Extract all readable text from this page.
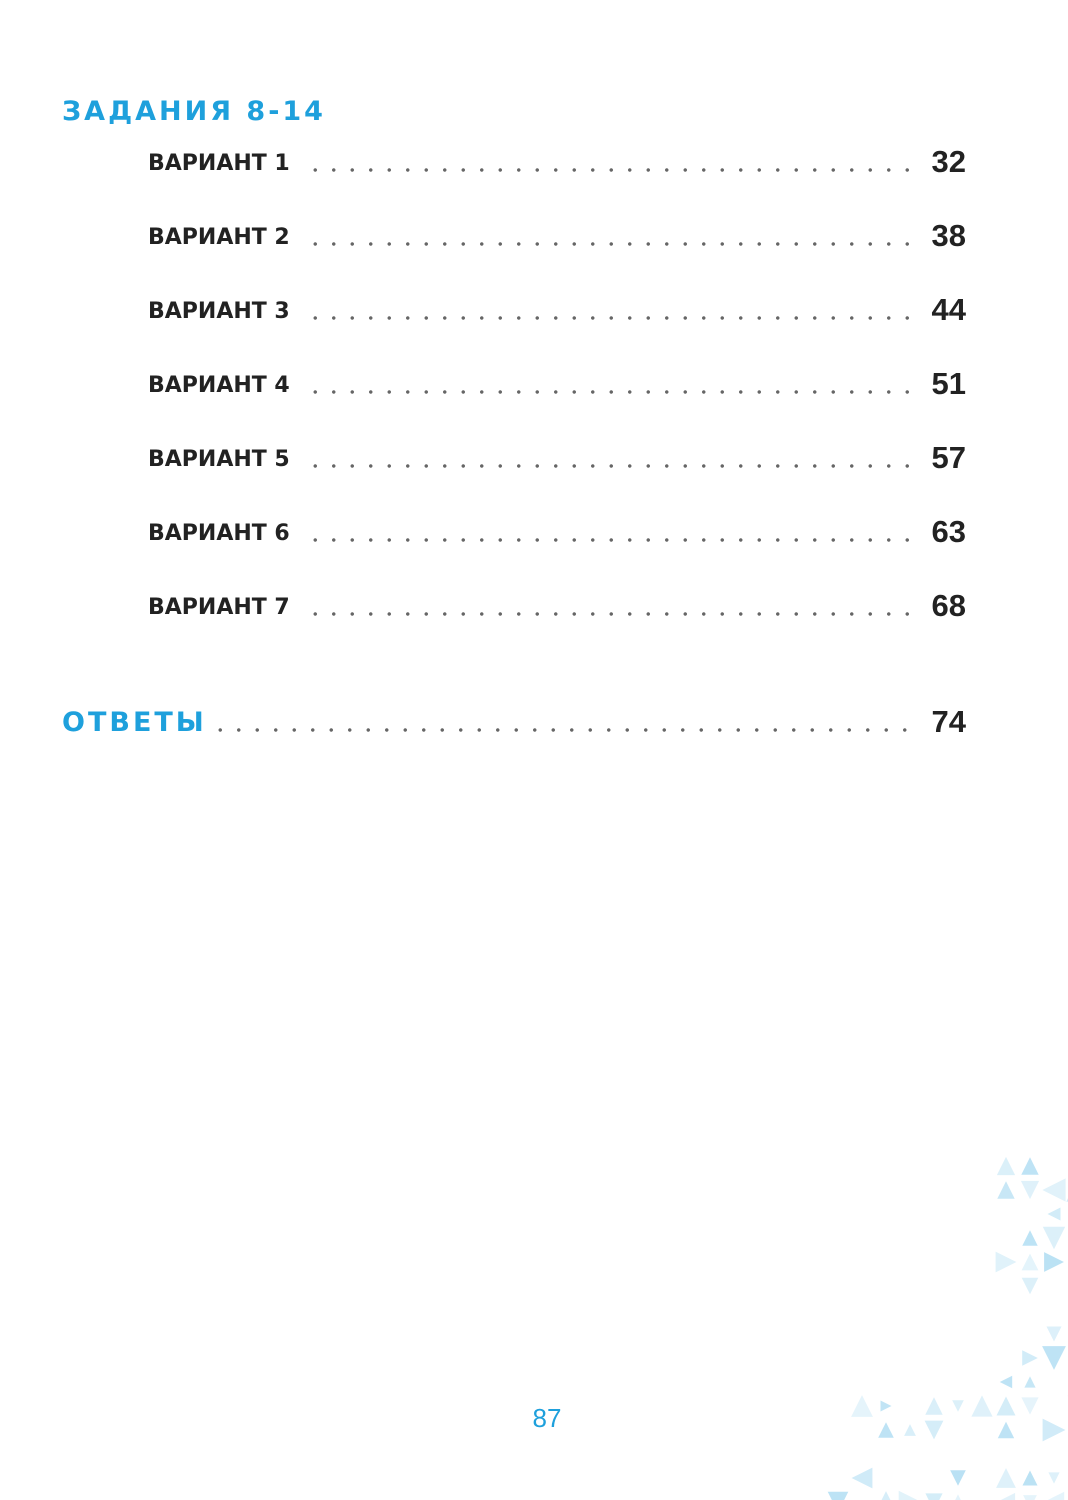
ЗАДАНИЯ 8-14
ВАРИАНТ 1	32
ВАРИАНТ 2	38
ВАРИАНТ 3	44
ВАРИАНТ 4	51
ВАРИАНТ 5	57
ВАРИАНТ 6	63
ВАРИАНТ 7	68
ОТВЕТЫ	74
87
